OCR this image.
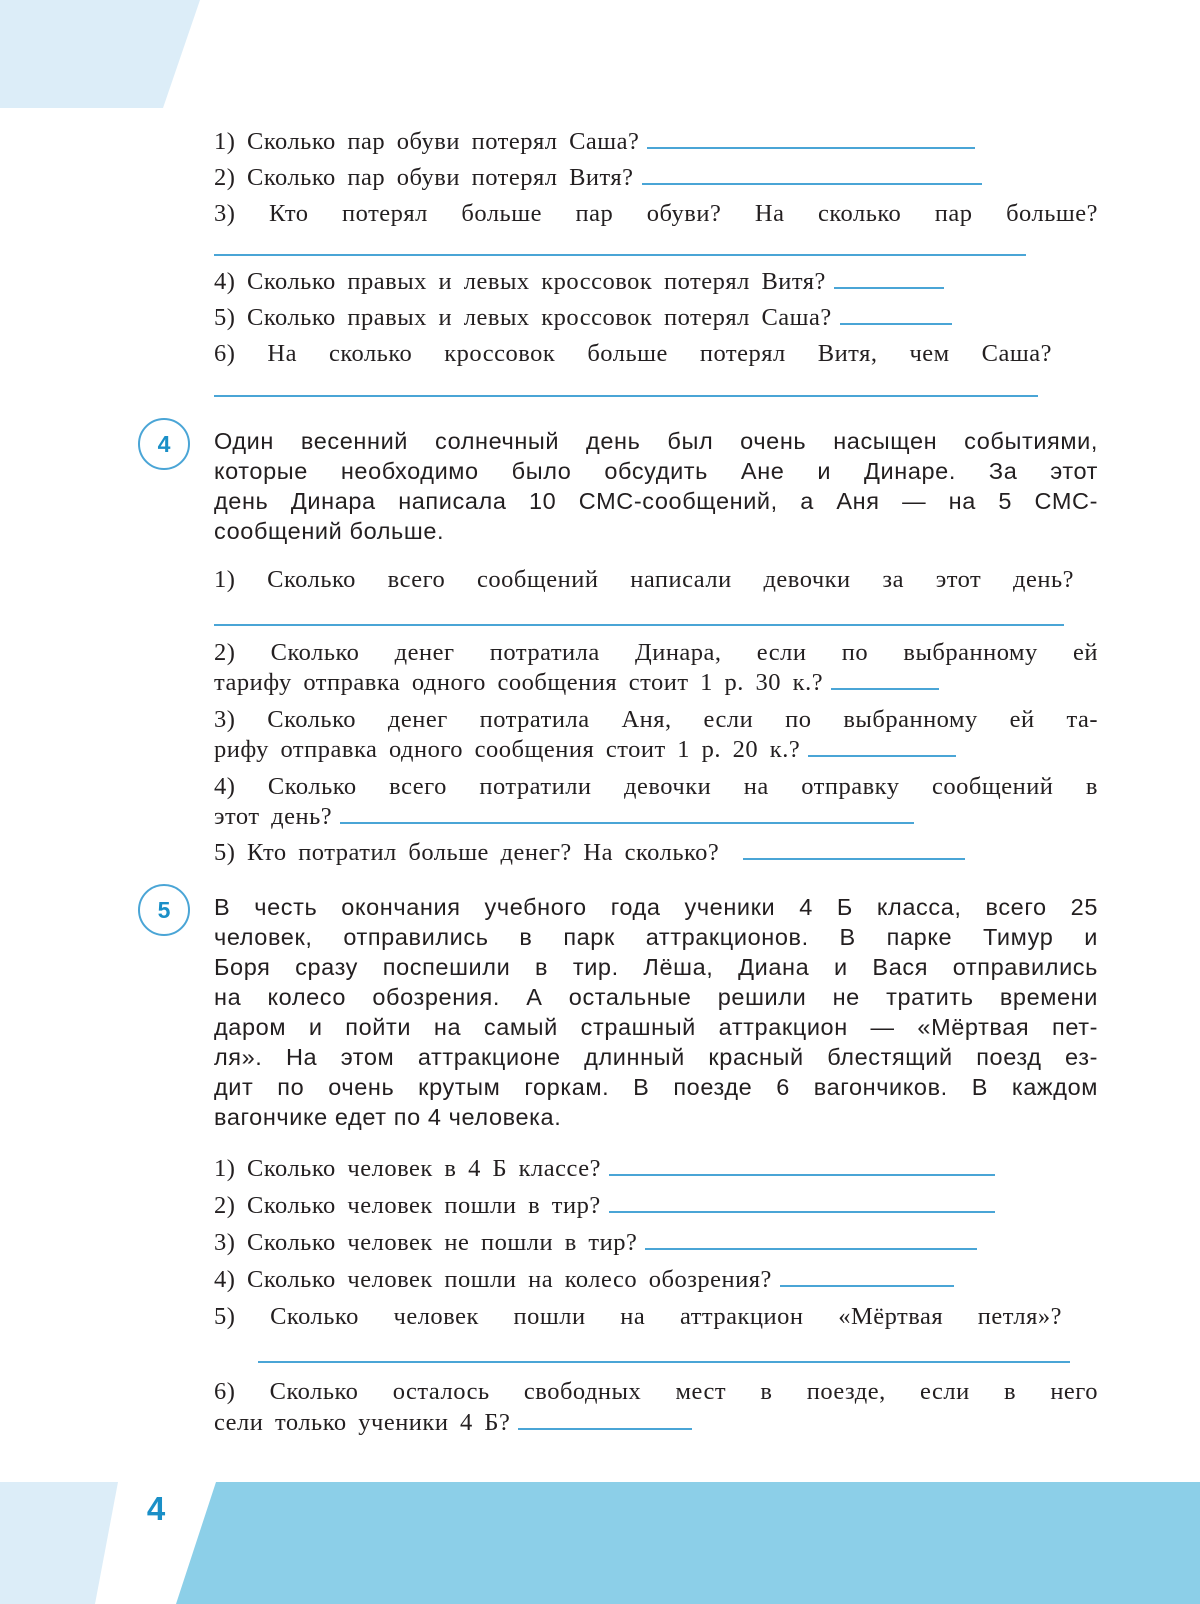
1) Сколько пар обуви потерял Саша?
2) Сколько пар обуви потерял Витя?
3) Кто потерял больше пар обуви? На сколько пар больше?
4) Сколько правых и левых кроссовок потерял Витя?
5) Сколько правых и левых кроссовок потерял Саша?
6) На сколько кроссовок больше потерял Витя, чем Саша?
4	Один весенний солнечный день был очень насыщен событиями,
которые необходимо было обсудить Ане и Динаре. За этот
день Динара написала 10 СМС-сообщений, а Аня — на 5 СМС-
сообщений больше.
1) Сколько всего сообщений написали девочки за этот день?
2) Сколько денег потратила Динара, если по выбранному ей
тарифу отправка одного сообщения стоит 1 р. 30 к.?
3) Сколько денег потратила Аня, если по выбранному ей та-
рифу отправка одного сообщения стоит 1 р. 20 к.?
4) Сколько всего потратили девочки на отправку сообщений в
этот день?
5) Кто потратил больше денег? На сколько?
5	В честь окончания учебного года ученики 4 Б класса, всего 25
человек, отправились в парк аттракционов. В парке Тимур и
Боря сразу поспешили в тир. Лёша, Диана и Вася отправились
на колесо обозрения. А остальные решили не тратить времени
даром и пойти на самый страшный аттракцион — «Мёртвая пет-
ля». На этом аттракционе длинный красный блестящий поезд ез-
дит по очень крутым горкам. В поезде 6 вагончиков. В каждом
вагончике едет по 4 человека.
1) Сколько человек в 4 Б классе?
2) Сколько человек пошли в тир?
3) Сколько человек не пошли в тир?
4) Сколько человек пошли на колесо обозрения?
5) Сколько человек пошли на аттракцион «Мёртвая петля»?
6) Сколько осталось свободных мест в поезде, если в него
сели только ученики 4 Б?
4
